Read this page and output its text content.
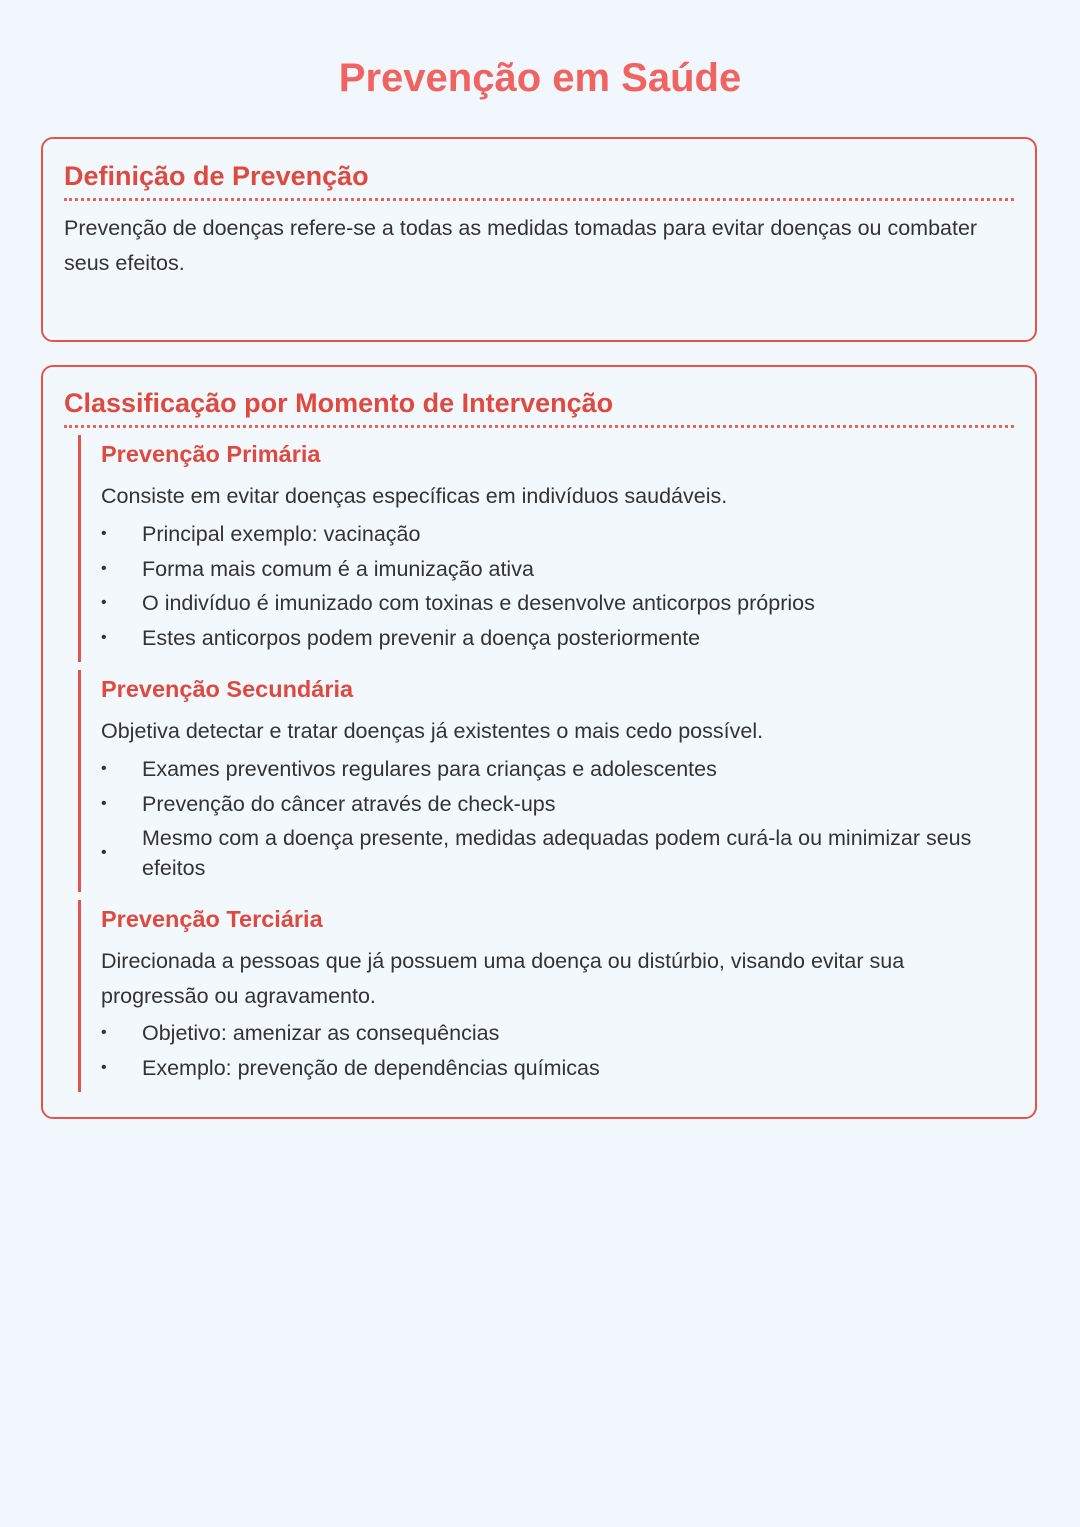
Prevenção em Saúde
Definição de Prevenção

Prevenção de doenças refere-se a todas as medidas tomadas para evitar doenças ou combater seus efeitos.

Classificação por Momento de Intervenção
Prevenção Primária

Consiste em evitar doenças específicas em indivíduos saudáveis.

• Principal exemplo: vacinação
• Forma mais comum é a imunização ativa
• O indivíduo é imunizado com toxinas e desenvolve anticorpos próprios
• Estes anticorpos podem prevenir a doença posteriormente
Prevenção Secundária

Objetiva detectar e tratar doenças já existentes o mais cedo possível.

• Exames preventivos regulares para crianças e adolescentes
• Prevenção do câncer através de check-ups
•
Mesmo com a doença presente, medidas adequadas podem curá-la ou minimizar seus efeitos
Prevenção Terciária

Direcionada a pessoas que já possuem uma doença ou distúrbio, visando evitar sua progressão ou agravamento.

• Objetivo: amenizar as consequências
• Exemplo: prevenção de dependências químicas
